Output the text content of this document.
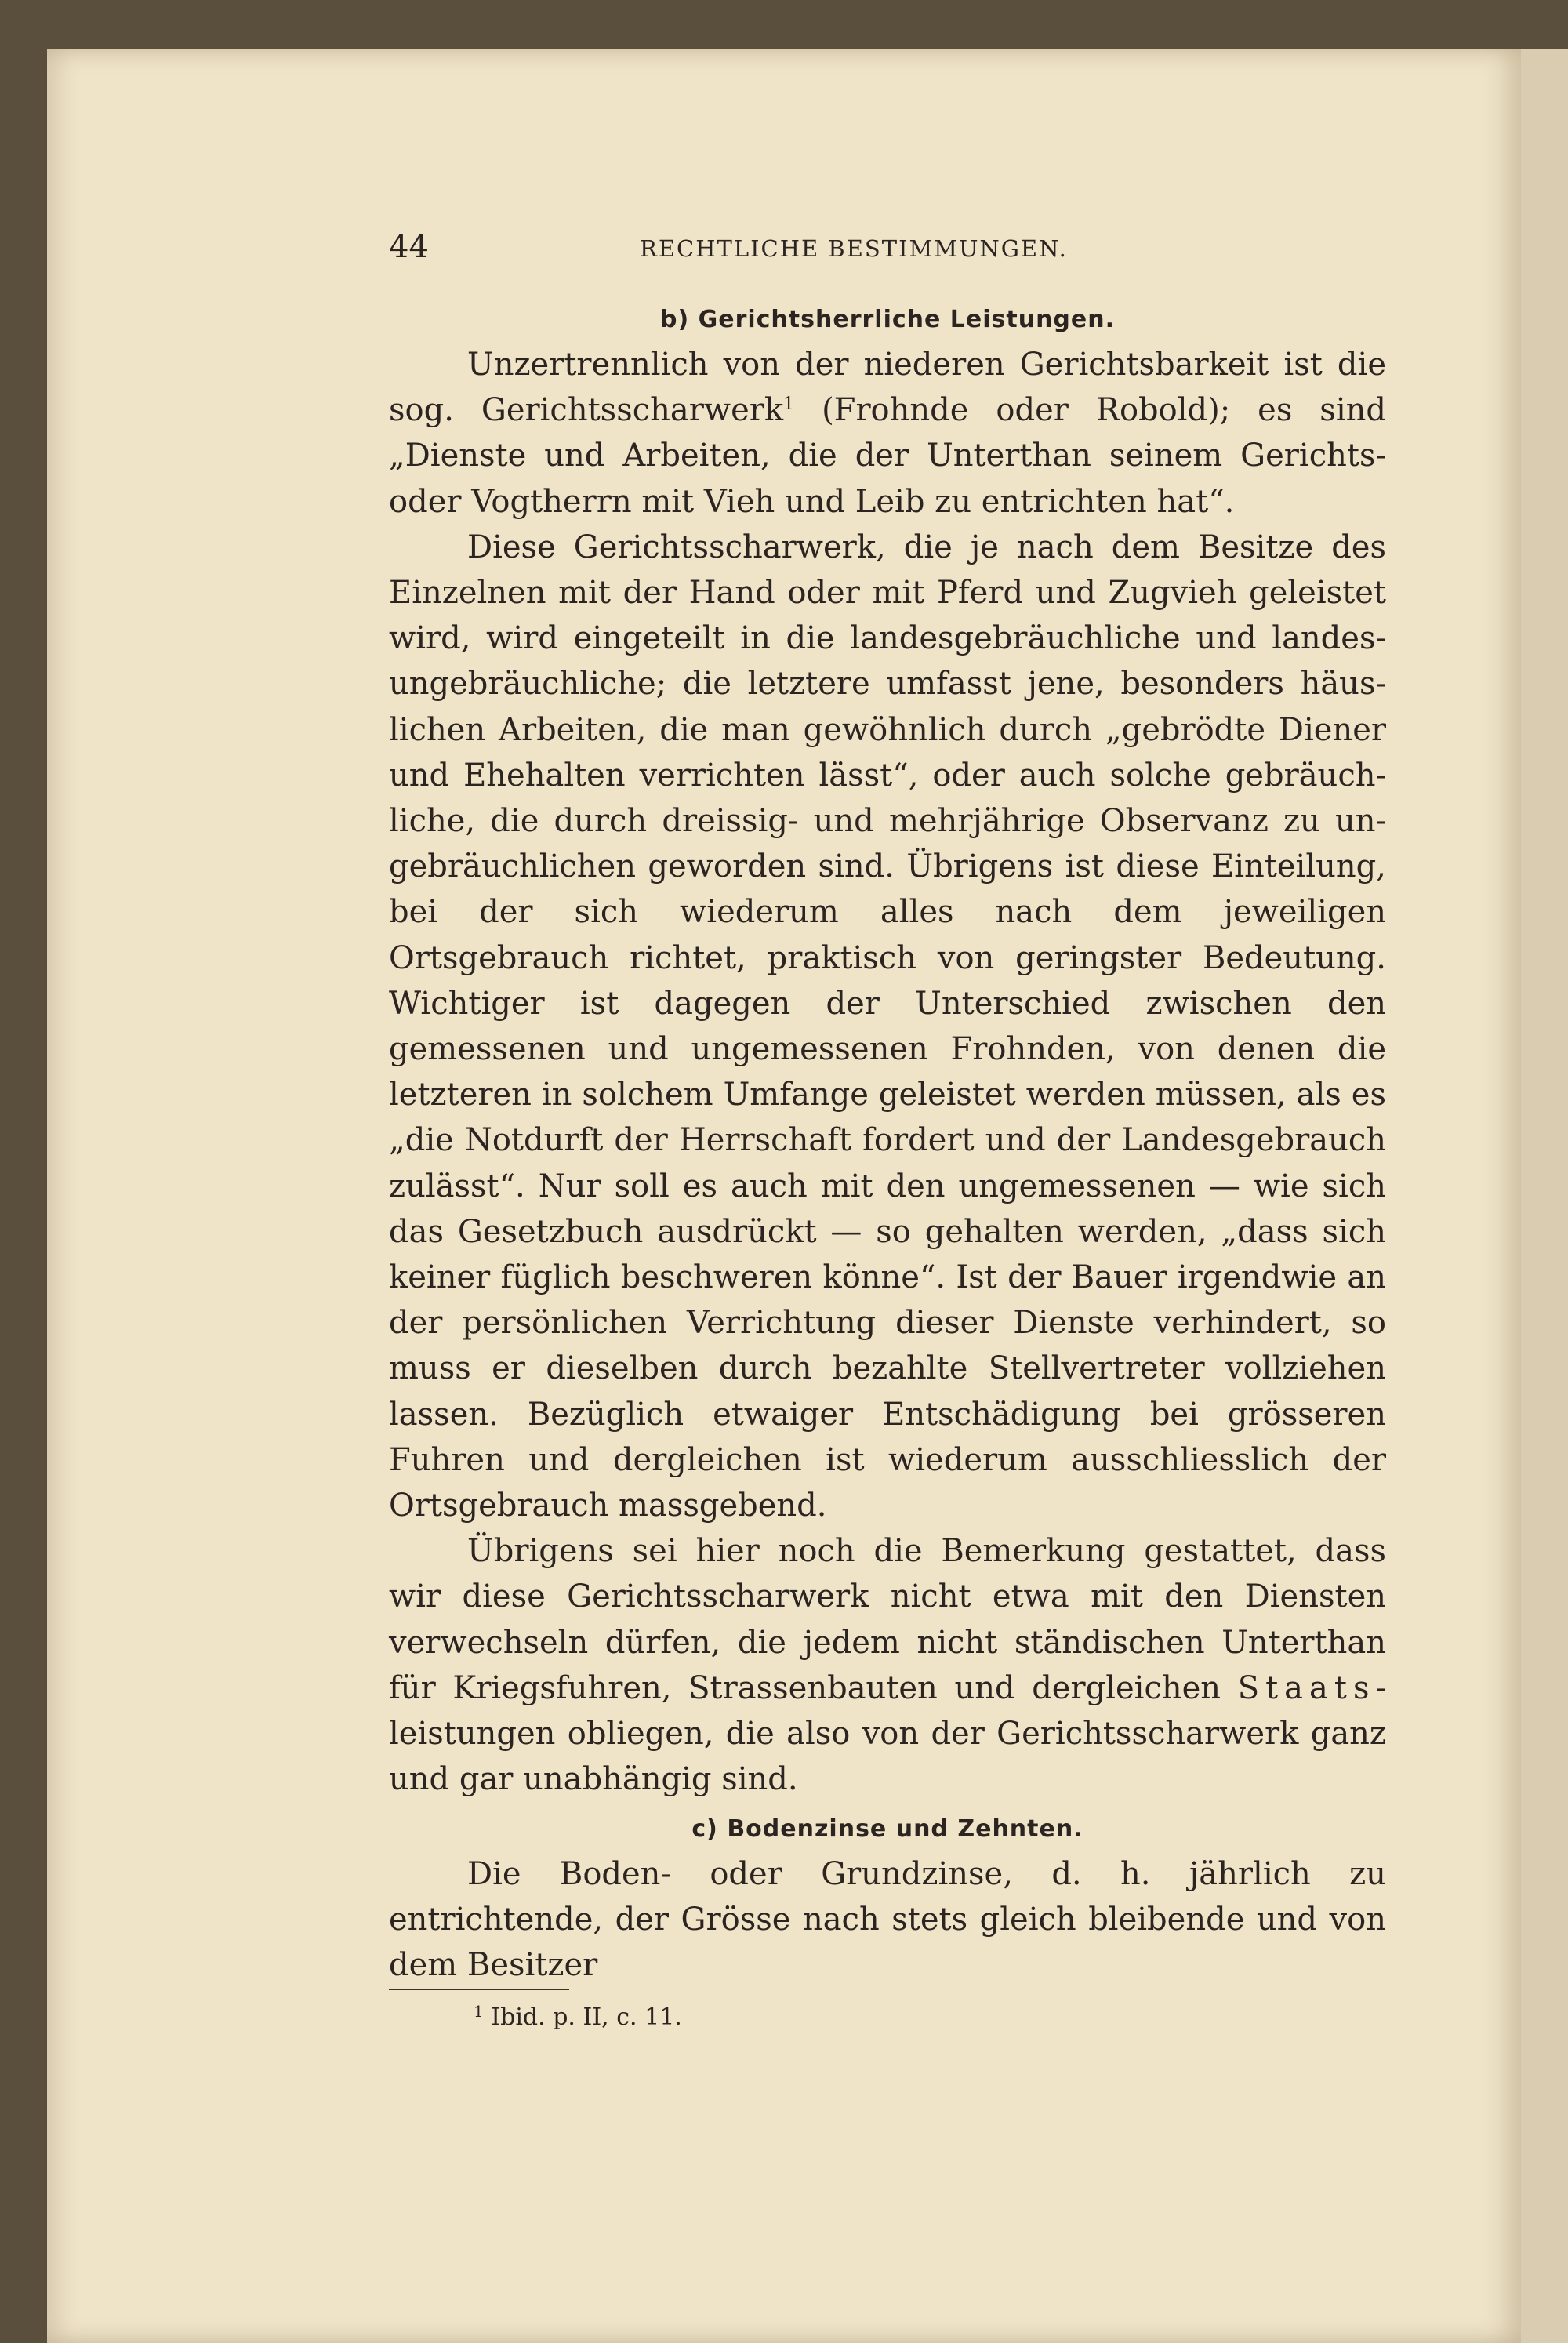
44	RECHTLICHE BESTIMMUNGEN.
b) Gerichtsherrliche Leistungen.

Unzertrennlich von der niederen Gerichtsbarkeit ist die sog. Gerichtsscharwerk$^1$ (Frohnde oder Robold); es sind „Dienste und Arbeiten, die der Unterthan seinem Gerichts- oder Vogtherrn mit Vieh und Leib zu entrichten hat“.

Diese Gerichtsscharwerk, die je nach dem Besitze des Einzelnen mit der Hand oder mit Pferd und Zugvieh geleistet wird, wird eingeteilt in die landesgebräuchliche und landesungebräuchliche; die letztere umfasst jene, besonders häuslichen Arbeiten, die man gewöhnlich durch „gebrödte Diener und Ehehalten verrichten lässt“, oder auch solche gebräuchliche, die durch dreissig- und mehrjährige Observanz zu ungebräuchlichen geworden sind. Übrigens ist diese Einteilung, bei der sich wiederum alles nach dem jeweiligen Ortsgebrauch richtet, praktisch von geringster Bedeutung. Wichtiger ist dagegen der Unterschied zwischen den gemessenen und ungemessenen Frohnden, von denen die letzteren in solchem Umfange geleistet werden müssen, als es „die Notdurft der Herrschaft fordert und der Landesgebrauch zulässt“. Nur soll es auch mit den ungemessenen — wie sich das Gesetzbuch ausdrückt — so gehalten werden, „dass sich keiner füglich beschweren könne“. Ist der Bauer irgendwie an der persönlichen Verrichtung dieser Dienste verhindert, so muss er dieselben durch bezahlte Stellvertreter vollziehen lassen. Bezüglich etwaiger Entschädigung bei grösseren Fuhren und dergleichen ist wiederum ausschliesslich der Ortsgebrauch massgebend.

Übrigens sei hier noch die Bemerkung gestattet, dass wir diese Gerichtsscharwerk nicht etwa mit den Diensten verwechseln dürfen, die jedem nicht ständischen Unterthan für Kriegsfuhren, Strassenbauten und dergleichen Staatsleistungen obliegen, die also von der Gerichtsscharwerk ganz und gar unabhängig sind.

c) Bodenzinse und Zehnten.

Die Boden- oder Grundzinse, d. h. jährlich zu entrichtende, der Grösse nach stets gleich bleibende und von dem Besitzer

$^1$ Ibid. p. II, c. 11.
